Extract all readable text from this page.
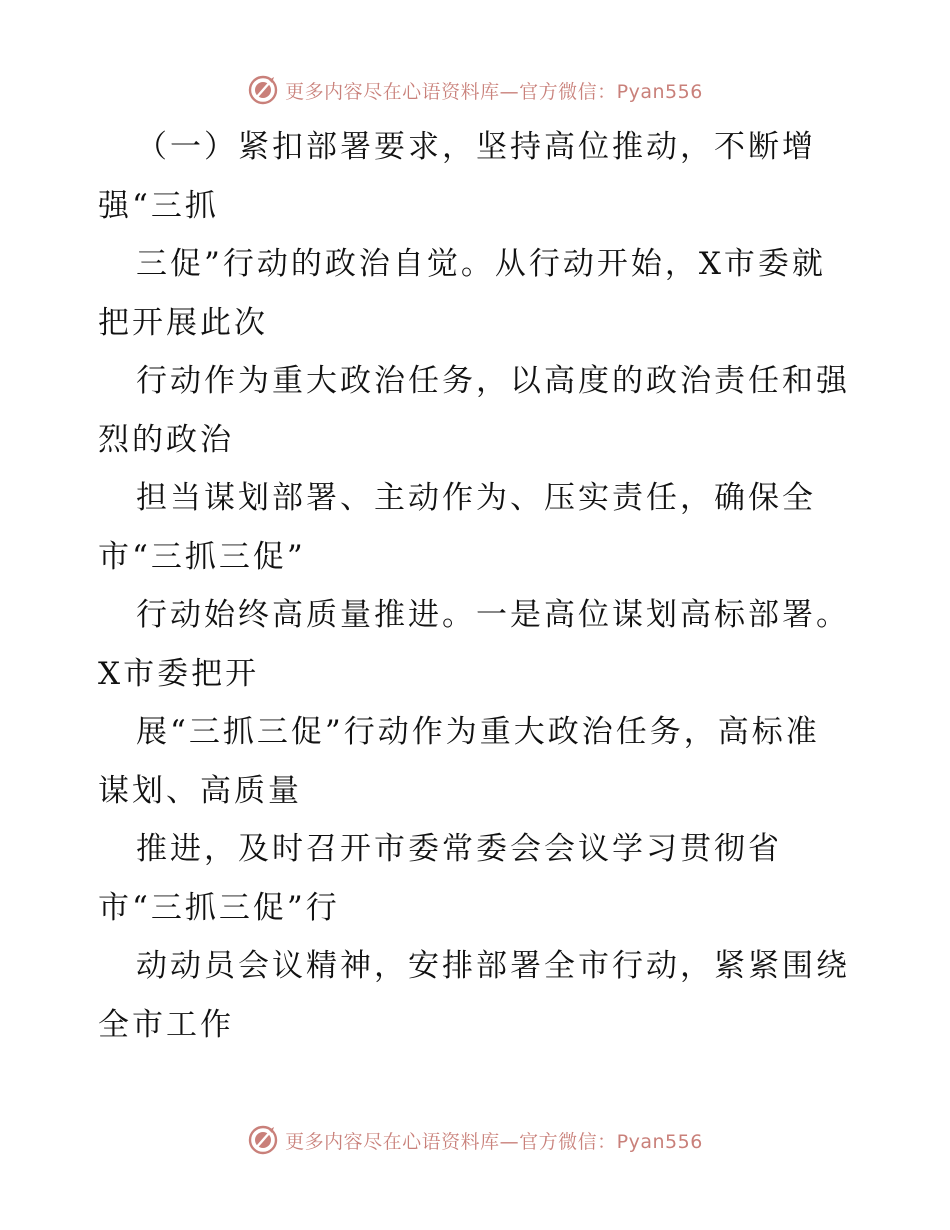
更多内容尽在心语资料库—官方微信：Pyan556
（一）紧扣部署要求，坚持高位推动，不断增
强“三抓
三促”行动的政治自觉。从行动开始，X市委就
把开展此次
行动作为重大政治任务，以高度的政治责任和强
烈的政治
担当谋划部署、主动作为、压实责任，确保全
市“三抓三促”
行动始终高质量推进。一是高位谋划高标部署。
X市委把开
展“三抓三促”行动作为重大政治任务，高标准
谋划、高质量
推进，及时召开市委常委会会议学习贯彻省
市“三抓三促”行
动动员会议精神，安排部署全市行动，紧紧围绕
全市工作
更多内容尽在心语资料库—官方微信：Pyan556
